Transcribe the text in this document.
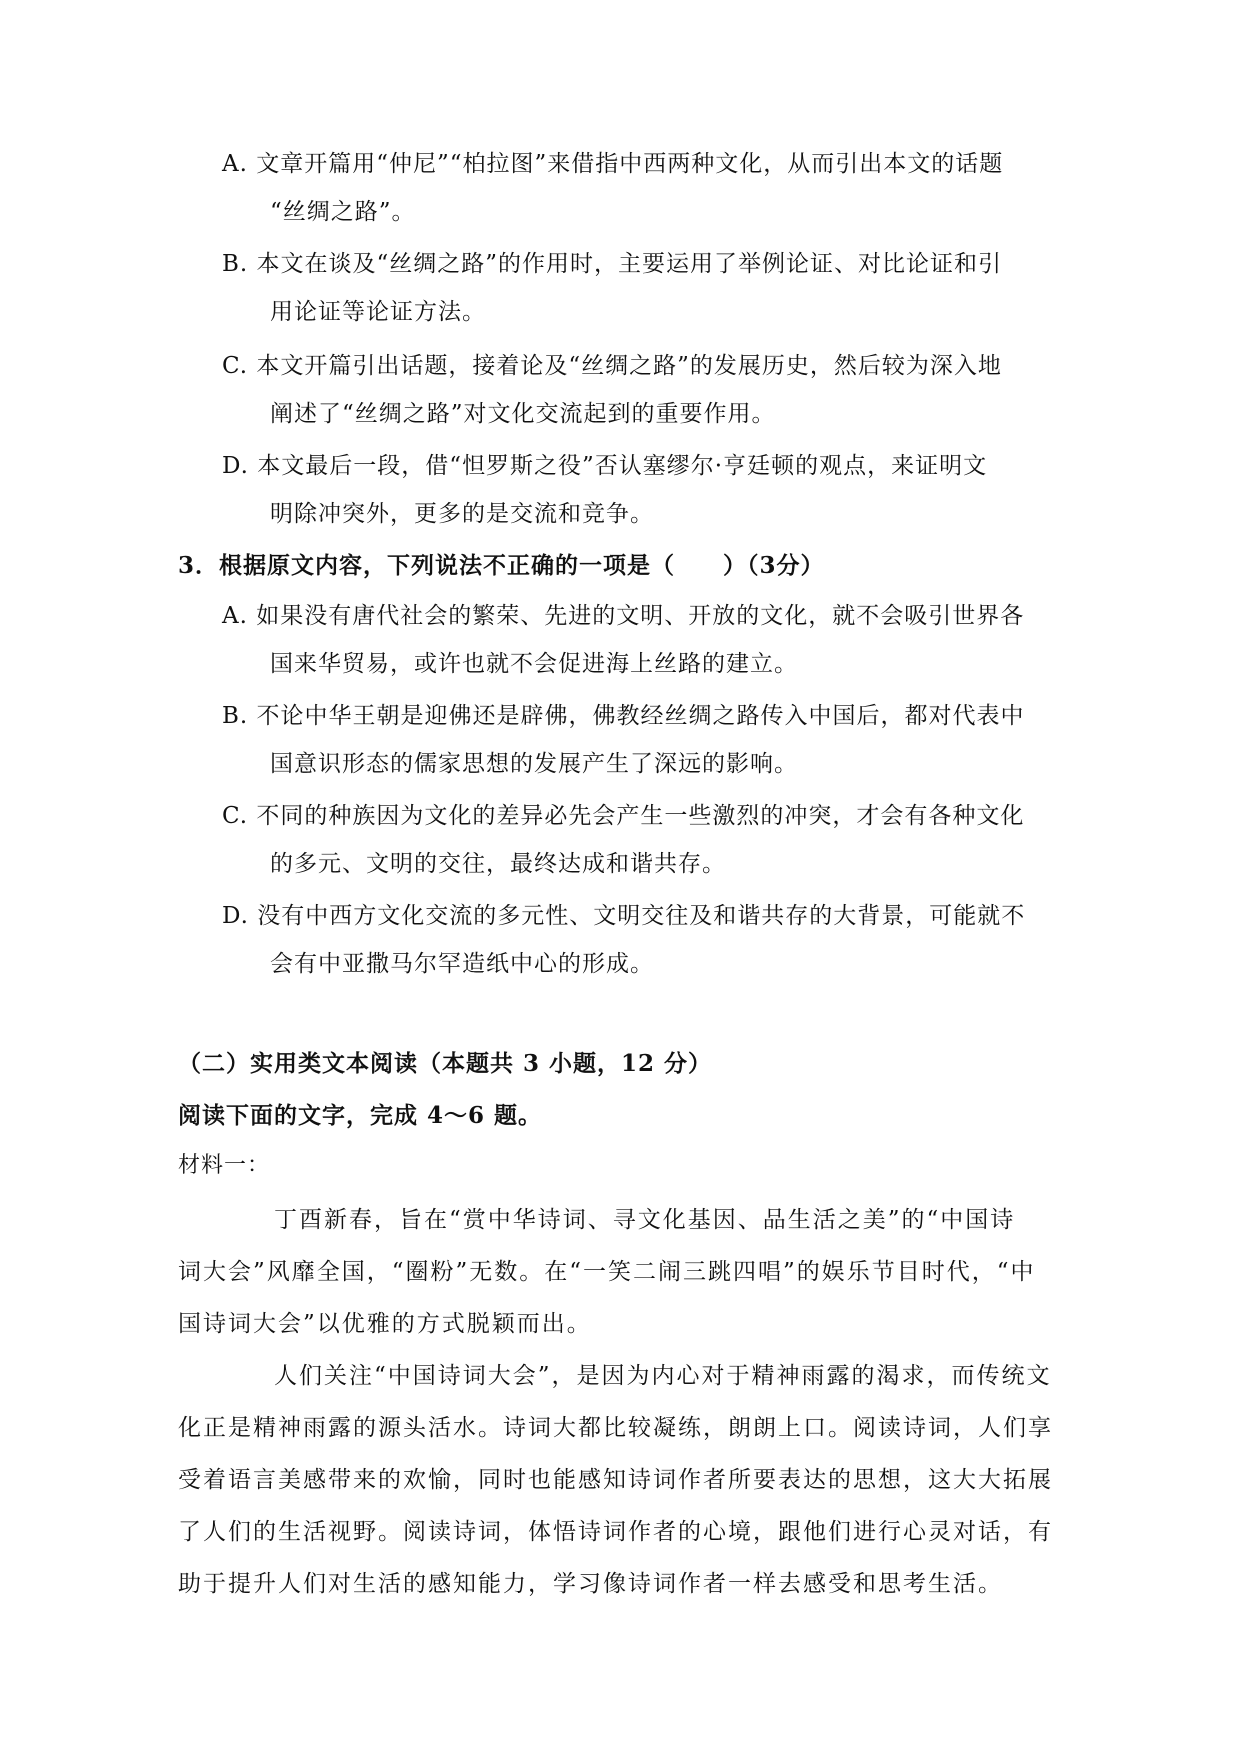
A. 文章开篇用“仲尼”“柏拉图”来借指中西两种文化，从而引出本文的话题
“丝绸之路”。
B. 本文在谈及“丝绸之路”的作用时，主要运用了举例论证、对比论证和引
用论证等论证方法。
C. 本文开篇引出话题，接着论及“丝绸之路”的发展历史，然后较为深入地
阐述了“丝绸之路”对文化交流起到的重要作用。
D. 本文最后一段，借“怛罗斯之役”否认塞缪尔·亨廷顿的观点，来证明文
明除冲突外，更多的是交流和竞争。
3．根据原文内容，下列说法不正确的一项是（　　）（3分）
A. 如果没有唐代社会的繁荣、先进的文明、开放的文化，就不会吸引世界各
国来华贸易，或许也就不会促进海上丝路的建立。
B. 不论中华王朝是迎佛还是辟佛，佛教经丝绸之路传入中国后，都对代表中
国意识形态的儒家思想的发展产生了深远的影响。
C. 不同的种族因为文化的差异必先会产生一些激烈的冲突，才会有各种文化
的多元、文明的交往，最终达成和谐共存。
D. 没有中西方文化交流的多元性、文明交往及和谐共存的大背景，可能就不
会有中亚撒马尔罕造纸中心的形成。
（二）实用类文本阅读（本题共 3 小题，12 分）
阅读下面的文字，完成 4～6 题。
材料一：
丁酉新春，旨在“赏中华诗词、寻文化基因、品生活之美”的“中国诗
词大会”风靡全国，“圈粉”无数。在“一笑二闹三跳四唱”的娱乐节目时代，“中
国诗词大会”以优雅的方式脱颖而出。
人们关注“中国诗词大会”，是因为内心对于精神雨露的渴求，而传统文
化正是精神雨露的源头活水。诗词大都比较凝练，朗朗上口。阅读诗词，人们享
受着语言美感带来的欢愉，同时也能感知诗词作者所要表达的思想，这大大拓展
了人们的生活视野。阅读诗词，体悟诗词作者的心境，跟他们进行心灵对话，有
助于提升人们对生活的感知能力，学习像诗词作者一样去感受和思考生活。
